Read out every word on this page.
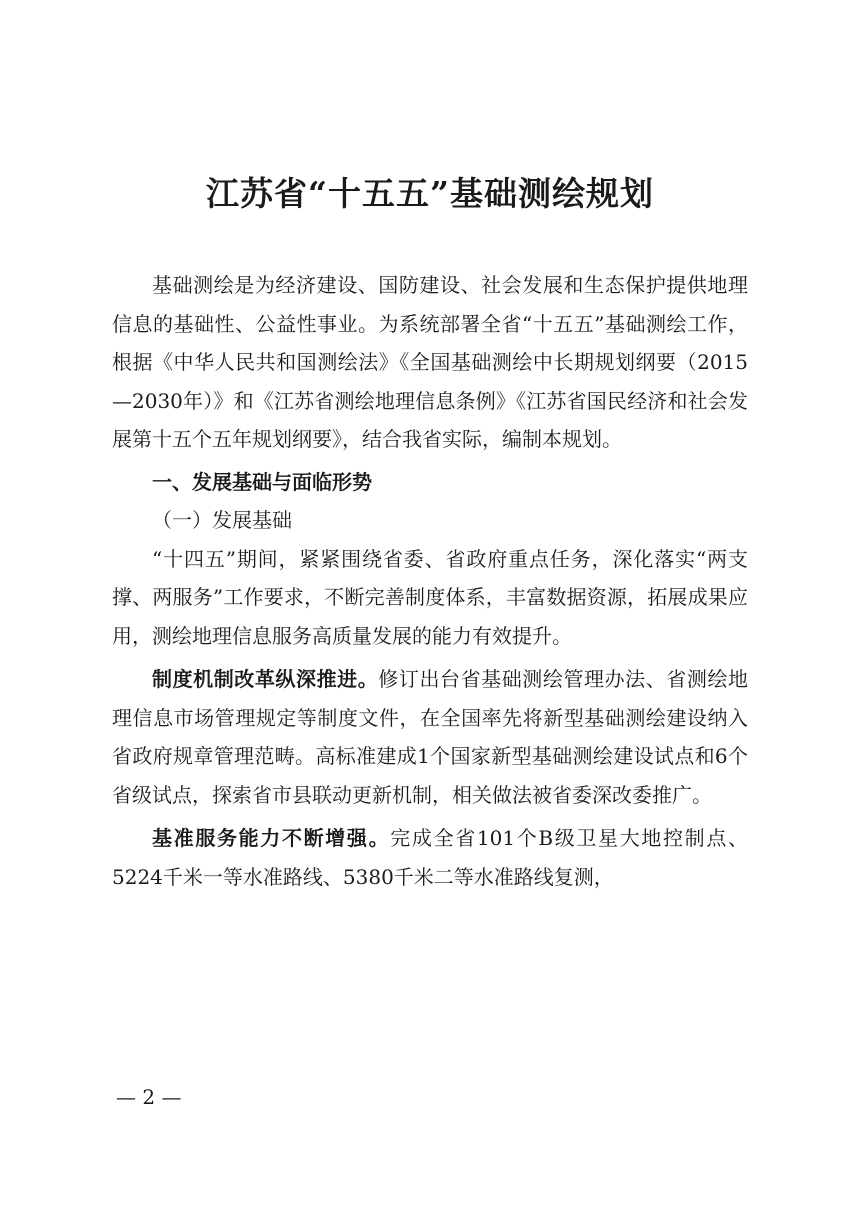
江苏省“十五五”基础测绘规划

基础测绘是为经济建设、国防建设、社会发展和生态保护提供地理信息的基础性、公益性事业。为系统部署全省“十五五”基础测绘工作，根据《中华人民共和国测绘法》《全国基础测绘中长期规划纲要（2015—2030年）》和《江苏省测绘地理信息条例》《江苏省国民经济和社会发展第十五个五年规划纲要》，结合我省实际，编制本规划。

一、发展基础与面临形势

（一）发展基础

“十四五”期间，紧紧围绕省委、省政府重点任务，深化落实“两支撑、两服务”工作要求，不断完善制度体系，丰富数据资源，拓展成果应用，测绘地理信息服务高质量发展的能力有效提升。

制度机制改革纵深推进。修订出台省基础测绘管理办法、省测绘地理信息市场管理规定等制度文件，在全国率先将新型基础测绘建设纳入省政府规章管理范畴。高标准建成1个国家新型基础测绘建设试点和6个省级试点，探索省市县联动更新机制，相关做法被省委深改委推广。

基准服务能力不断增强。完成全省101个B级卫星大地控制点、5224千米一等水准路线、5380千米二等水准路线复测，

— 2 —
